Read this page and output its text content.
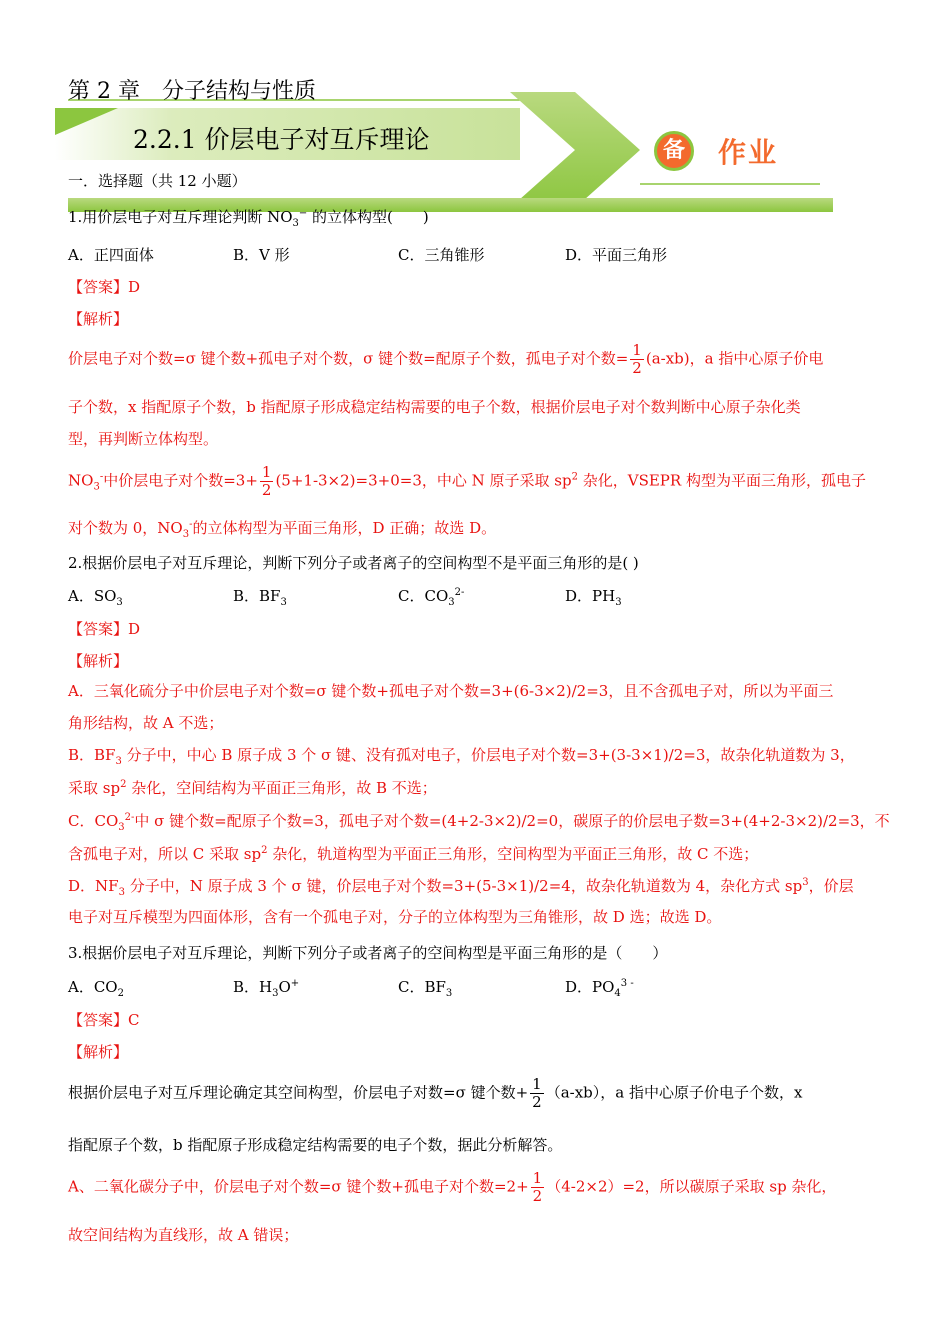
第 2 章　分子结构与性质
2.2.1 价层电子对互斥理论	备	作业
一．选择题（共 12 小题）
1.用价层电子对互斥理论判断 $NO_3^-$ 的立体构型(　　)
A．正四面体	B．V 形	C．三角锥形	D．平面三角形
【答案】D
【解析】
价层电子对个数=σ 键个数+孤电子对个数，σ 键个数=配原子个数，孤电子对个数= $\frac{1}{2} (a-xb)$，a 指中心原子价电
子个数，x 指配原子个数，b 指配原子形成稳定结构需要的电子个数，根据价层电子对个数判断中心原子杂化类
型，再判断立体构型。
$NO_3^-$中价层电子对个数$=3+ \frac{1}{2} (5+1-3\times 2)=3+0=3$，中心 N 原子采取 $sp^2$ 杂化，VSEPR 构型为平面三角形，孤电子
对个数为 0，$NO_3^-$的立体构型为平面三角形，D 正确；故选 D。
2.根据价层电子对互斥理论，判断下列分子或者离子的空间构型不是平面三角形的是( )
A．$SO_3$	B．$BF_3$	C．$CO_3^{2-}$	D．$PH_3$
【答案】D
【解析】
A．三氧化硫分子中价层电子对个数=σ 键个数+孤电子对个数=3+(6-3×2)/2=3，且不含孤电子对，所以为平面三
角形结构，故 A 不选；
B．$BF_3$ 分子中，中心 B 原子成 3 个 σ 键、没有孤对电子，价层电子对个数=3+(3-3×1)/2=3，故杂化轨道数为 3，
采取 $sp^2$ 杂化，空间结构为平面正三角形，故 B 不选；
C．$CO_3^{2-}$中 σ 键个数=配原子个数=3，孤电子对个数=(4+2-3×2)/2=0，碳原子的价层电子数=3+(4+2-3×2)/2=3，不
含孤电子对，所以 C 采取 $sp^2$ 杂化，轨道构型为平面正三角形，空间构型为平面正三角形，故 C 不选；
D．$NF_3$ 分子中，N 原子成 3 个 σ 键，价层电子对个数=3+(5-3×1)/2=4，故杂化轨道数为 4，杂化方式 $sp^3$，价层
电子对互斥模型为四面体形，含有一个孤电子对，分子的立体构型为三角锥形，故 D 选；故选 D。
3.根据价层电子对互斥理论，判断下列分子或者离子的空间构型是平面三角形的是（　　）
A．$CO_2$	B．$H_3O^+$	C．$BF_3$	D．$PO_4^{3 -}$
【答案】C
【解析】
根据价层电子对互斥理论确定其空间构型，价层电子对数=σ 键个数+ $\frac{1}{2} (a-xb)$，a 指中心原子价电子个数，x
指配原子个数，b 指配原子形成稳定结构需要的电子个数，据此分析解答。
A、二氧化碳分子中，价层电子对个数=σ 键个数+孤电子对个数$=2+ \frac{1}{2} (4-2\times 2)=2$，所以碳原子采取 sp 杂化，
故空间结构为直线形，故 A 错误；
